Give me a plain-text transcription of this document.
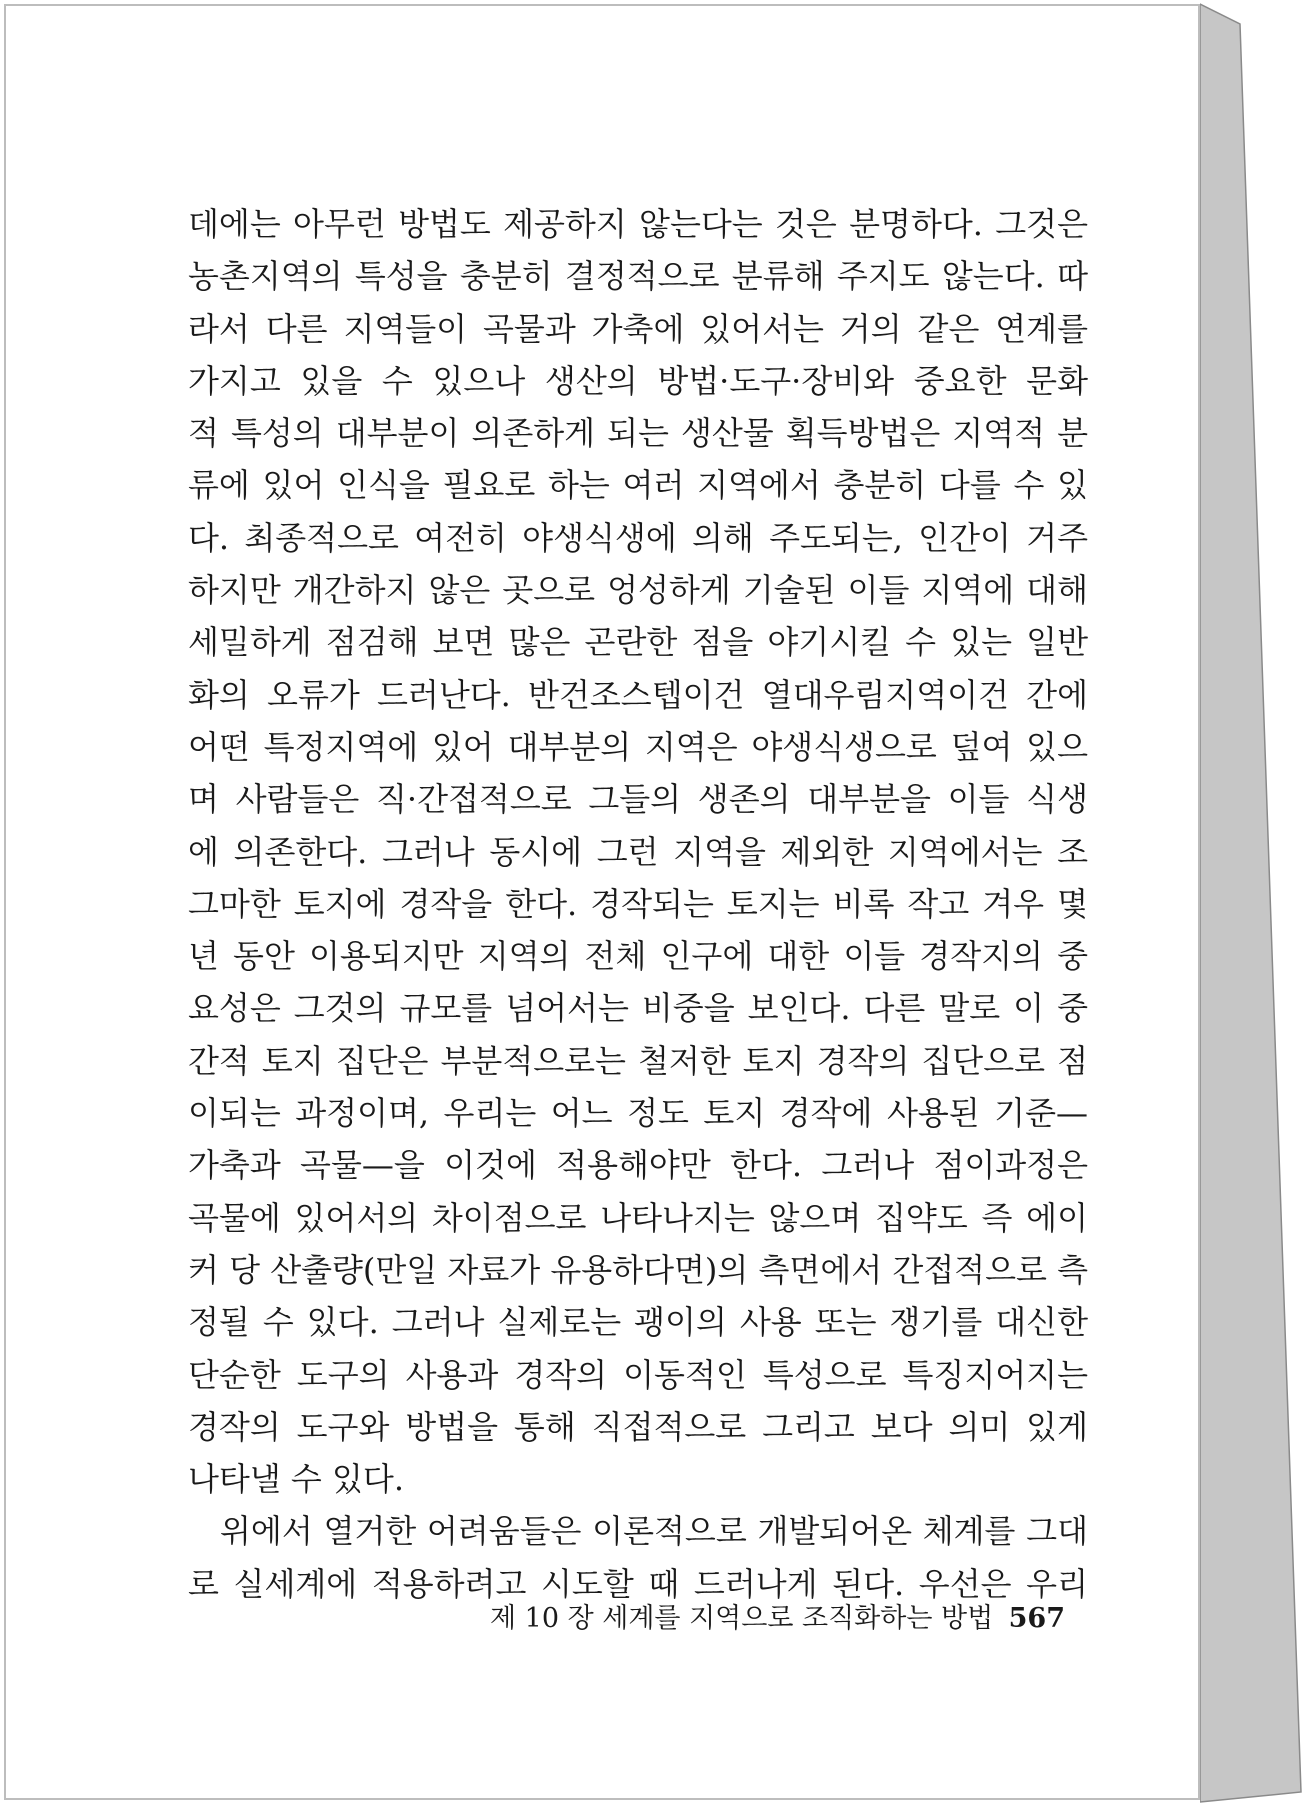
데에는 아무런 방법도 제공하지 않는다는 것은 분명하다. 그것은
농촌지역의 특성을 충분히 결정적으로 분류해 주지도 않는다. 따
라서 다른 지역들이 곡물과 가축에 있어서는 거의 같은 연계를
가지고 있을 수 있으나 생산의 방법·도구·장비와 중요한 문화
적 특성의 대부분이 의존하게 되는 생산물 획득방법은 지역적 분
류에 있어 인식을 필요로 하는 여러 지역에서 충분히 다를 수 있
다. 최종적으로 여전히 야생식생에 의해 주도되는, 인간이 거주
하지만 개간하지 않은 곳으로 엉성하게 기술된 이들 지역에 대해
세밀하게 점검해 보면 많은 곤란한 점을 야기시킬 수 있는 일반
화의 오류가 드러난다. 반건조스텝이건 열대우림지역이건 간에
어떤 특정지역에 있어 대부분의 지역은 야생식생으로 덮여 있으
며 사람들은 직·간접적으로 그들의 생존의 대부분을 이들 식생
에 의존한다. 그러나 동시에 그런 지역을 제외한 지역에서는 조
그마한 토지에 경작을 한다. 경작되는 토지는 비록 작고 겨우 몇
년 동안 이용되지만 지역의 전체 인구에 대한 이들 경작지의 중
요성은 그것의 규모를 넘어서는 비중을 보인다. 다른 말로 이 중
간적 토지 집단은 부분적으로는 철저한 토지 경작의 집단으로 점
이되는 과정이며, 우리는 어느 정도 토지 경작에 사용된 기준—
가축과 곡물—을 이것에 적용해야만 한다. 그러나 점이과정은
곡물에 있어서의 차이점으로 나타나지는 않으며 집약도 즉 에이
커 당 산출량(만일 자료가 유용하다면)의 측면에서 간접적으로 측
정될 수 있다. 그러나 실제로는 괭이의 사용 또는 쟁기를 대신한
단순한 도구의 사용과 경작의 이동적인 특성으로 특징지어지는
경작의 도구와 방법을 통해 직접적으로 그리고 보다 의미 있게
나타낼 수 있다.
위에서 열거한 어려움들은 이론적으로 개발되어온 체계를 그대
로 실세계에 적용하려고 시도할 때 드러나게 된다. 우선은 우리
제 10 장 세계를 지역으로 조직화하는 방법 567
